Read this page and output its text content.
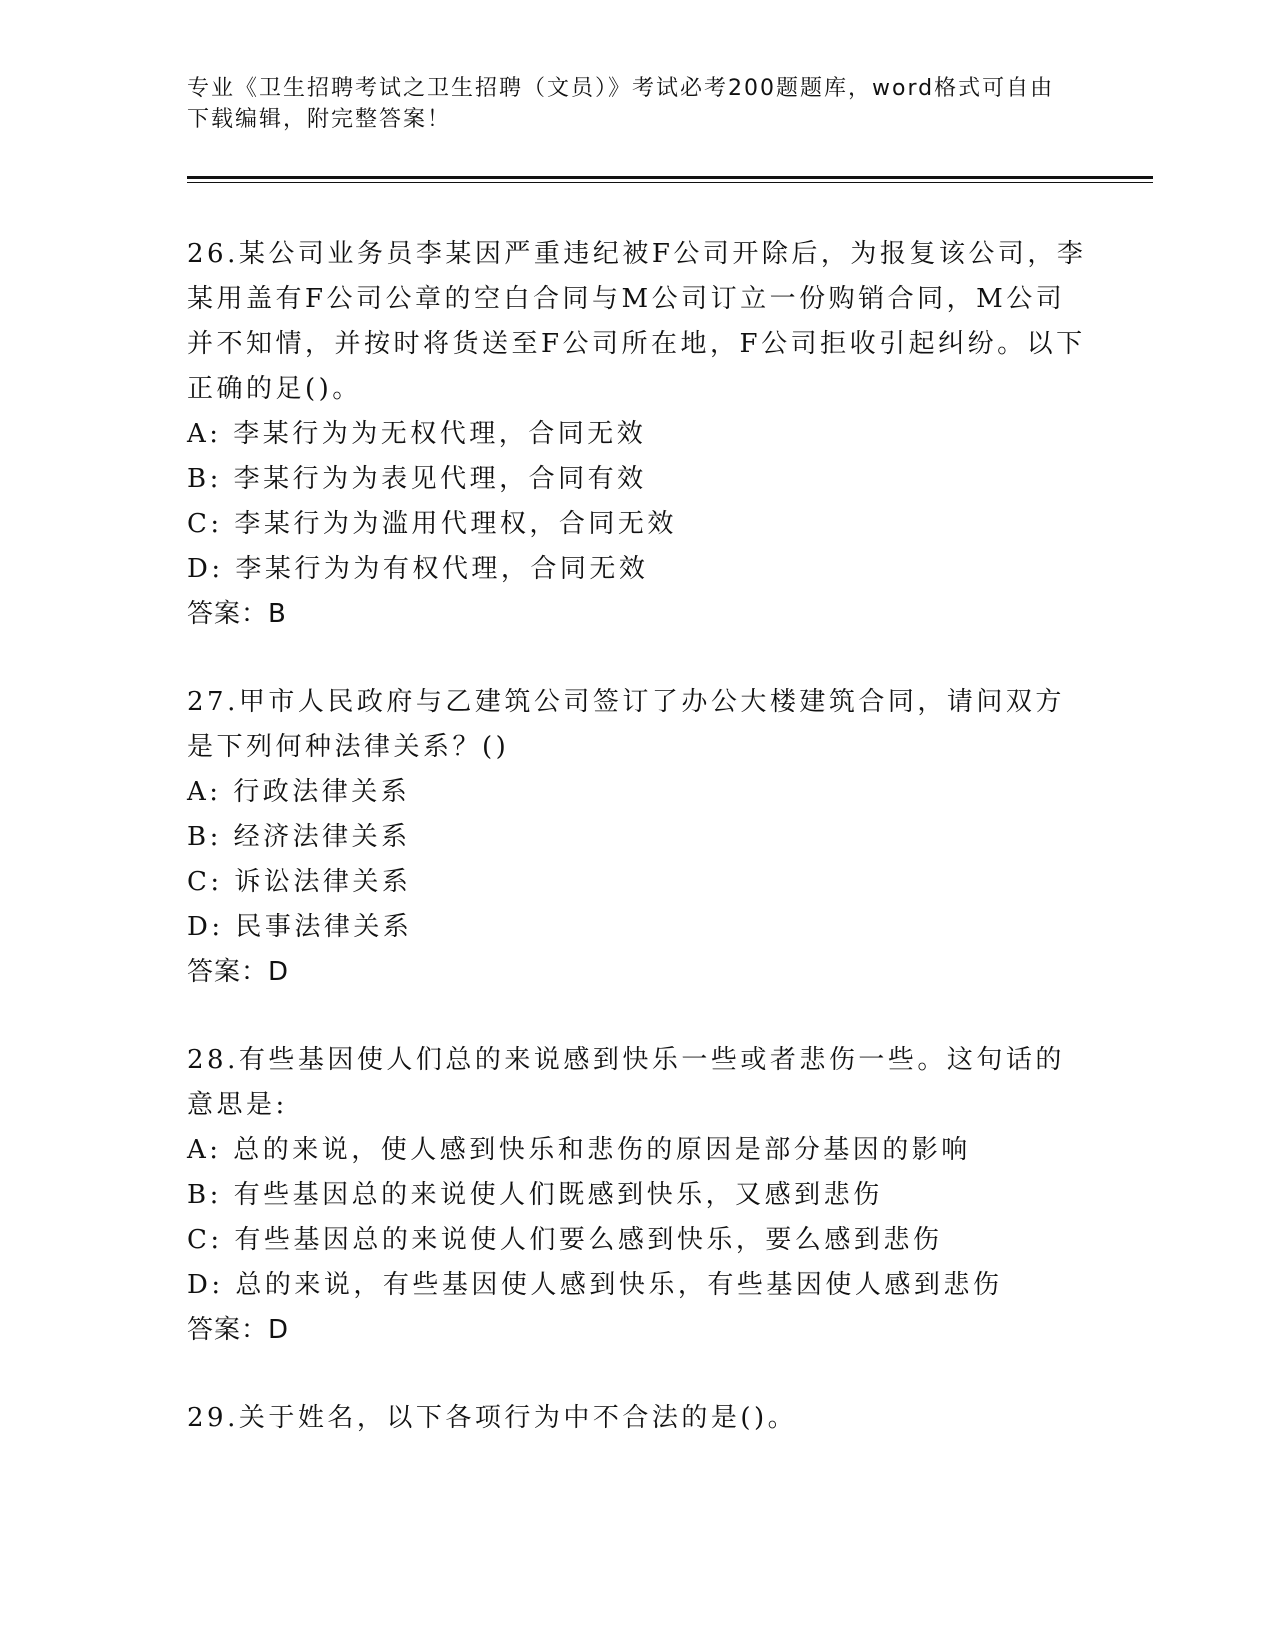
专业《卫生招聘考试之卫生招聘（文员）》考试必考200题题库，word格式可自由下载编辑，附完整答案！

26.某公司业务员李某因严重违纪被F公司开除后，为报复该公司，李某用盖有F公司公章的空白合同与M公司订立一份购销合同，M公司并不知情，并按时将货送至F公司所在地，F公司拒收引起纠纷。以下正确的足()。

A: 李某行为为无权代理，合同无效

B: 李某行为为表见代理，合同有效

C: 李某行为为滥用代理权，合同无效

D: 李某行为为有权代理，合同无效

答案：B

27.甲市人民政府与乙建筑公司签订了办公大楼建筑合同，请问双方是下列何种法律关系？()

A: 行政法律关系

B: 经济法律关系

C: 诉讼法律关系

D: 民事法律关系

答案：D

28.有些基因使人们总的来说感到快乐一些或者悲伤一些。这句话的意思是:

A: 总的来说，使人感到快乐和悲伤的原因是部分基因的影响

B: 有些基因总的来说使人们既感到快乐，又感到悲伤

C: 有些基因总的来说使人们要么感到快乐，要么感到悲伤

D: 总的来说，有些基因使人感到快乐，有些基因使人感到悲伤

答案：D

29.关于姓名，以下各项行为中不合法的是()。
